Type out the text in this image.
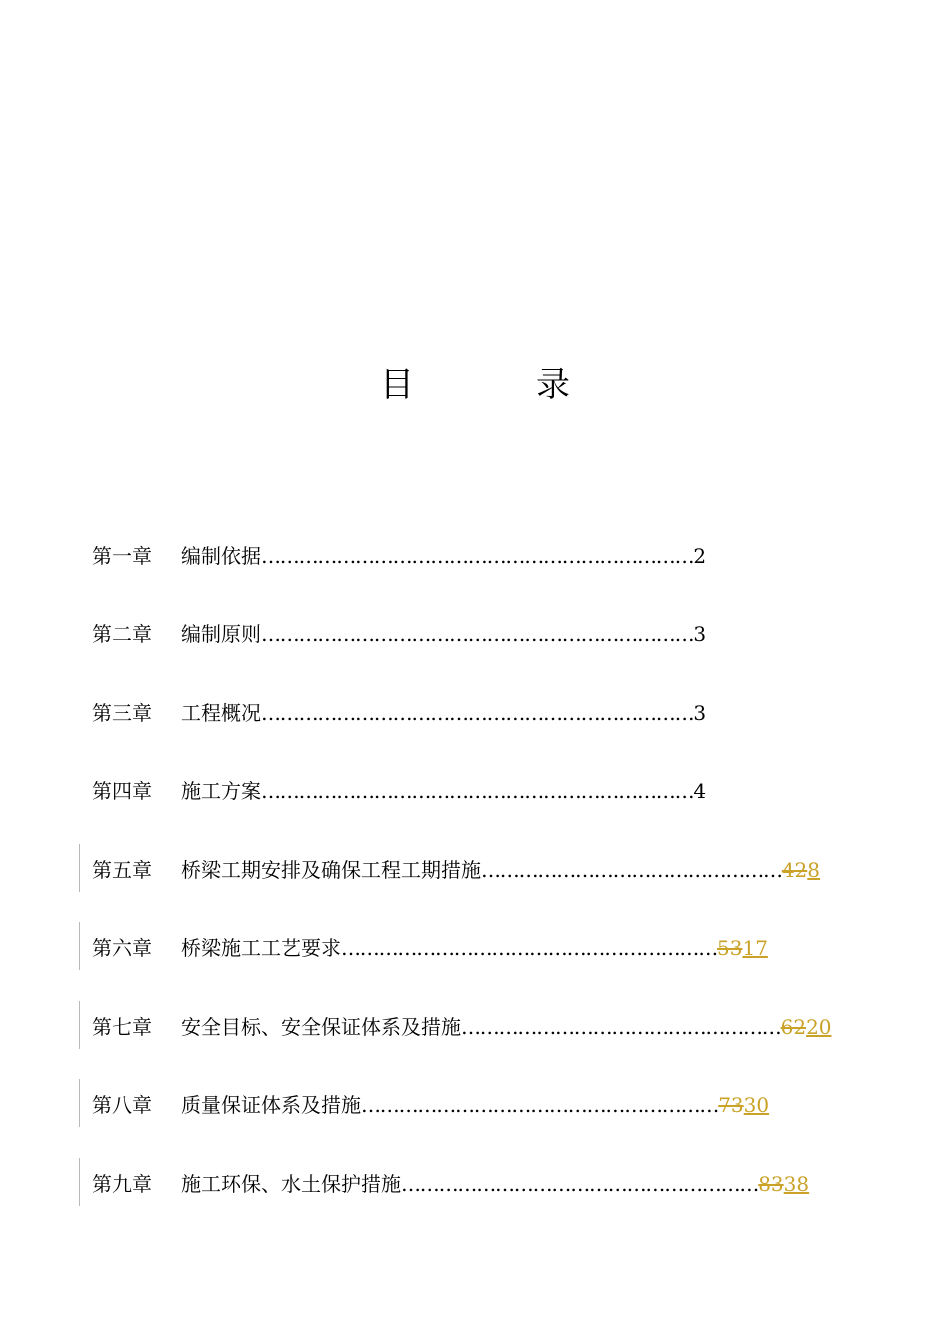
目　录
第一章 编制依据……………………………………………………………2
第二章 编制原则……………………………………………………………3
第三章 工程概况……………………………………………………………3
第四章 施工方案……………………………………………………………4
第五章 桥梁工期安排及确保工程工期措施…………………………………………428
第六章 桥梁施工工艺要求……………………………………………………5317
第七章 安全目标、安全保证体系及措施……………………………………………6220
第八章 质量保证体系及措施…………………………………………………7330
第九章 施工环保、水土保护措施…………………………………………………8338
